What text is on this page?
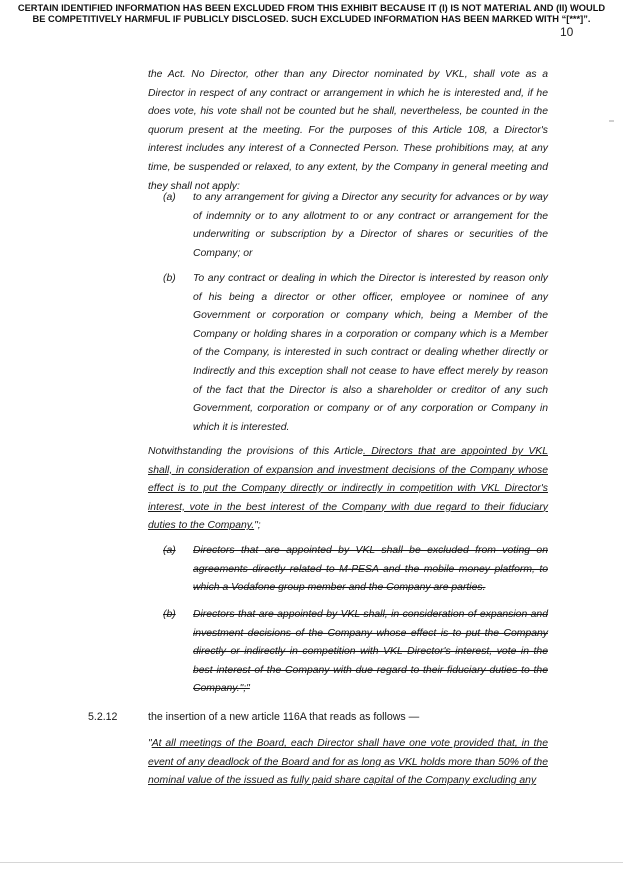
CERTAIN IDENTIFIED INFORMATION HAS BEEN EXCLUDED FROM THIS EXHIBIT BECAUSE IT (I) IS NOT MATERIAL AND (II) WOULD
BE COMPETITIVELY HARMFUL IF PUBLICLY DISCLOSED. SUCH EXCLUDED INFORMATION HAS BEEN MARKED WITH “[***]”.
10
the Act. No Director, other than any Director nominated by VKL, shall vote as a Director in respect of any contract or arrangement in which he is interested and, if he does vote, his vote shall not be counted but he shall, nevertheless, be counted in the quorum present at the meeting. For the purposes of this Article 108, a Director's interest includes any interest of a Connected Person. These prohibitions may, at any time, be suspended or relaxed, to any extent, by the Company in general meeting and they shall not apply:
(a) to any arrangement for giving a Director any security for advances or by way of indemnity or to any allotment to or any contract or arrangement for the underwriting or subscription by a Director of shares or securities of the Company; or
(b) To any contract or dealing in which the Director is interested by reason only of his being a director or other officer, employee or nominee of any Government or corporation or company which, being a Member of the Company or holding shares in a corporation or company which is a Member of the Company, is interested in such contract or dealing whether directly or Indirectly and this exception shall not cease to have effect merely by reason of the fact that the Director is also a shareholder or creditor of any such Government, corporation or company or of any corporation or Company in which it is interested.
Notwithstanding the provisions of this Article. Directors that are appointed by VKL shall, in consideration of expansion and investment decisions of the Company whose effect is to put the Company directly or indirectly in competition with VKL Director's interest, vote in the best interest of the Company with due regard to their fiduciary duties to the Company.";
(a) Directors that are appointed by VKL shall be excluded from voting on agreements directly related to M-PESA and the mobile money platform, to which a Vodafone group member and the Company are parties.
(b) Directors that are appointed by VKL shall, in consideration of expansion and investment decisions of the Company whose effect is to put the Company directly or indirectly in competition with VKL Director's interest, vote in the best interest of the Company with due regard to their fiduciary duties to the Company.";"
5.2.12	the insertion of a new article 116A that reads as follows —
"At all meetings of the Board, each Director shall have one vote provided that, in the event of any deadlock of the Board and for as long as VKL holds more than 50% of the nominal value of the issued as fully paid share capital of the Company excluding any
